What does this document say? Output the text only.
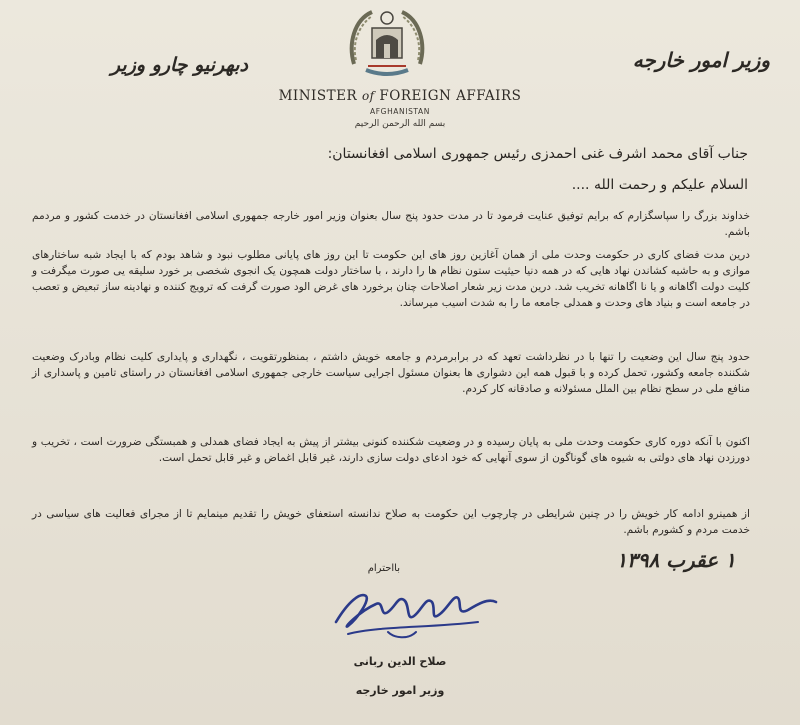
وزیر امور خارجه
دبهرنیو چارو وزیر
MINISTER of FOREIGN AFFAIRS
AFGHANISTAN
بسم الله الرحمن الرحیم
جناب آقای محمد اشرف غنی احمدزی رئیس جمهوری اسلامی افغانستان:
السلام علیکم و رحمت الله ....
خداوند بزرگ را سپاسگزارم که برایم توفیق عنایت فرمود تا در مدت حدود پنج سال بعنوان وزیر امور خارجه جمهوری اسلامی افغانستان در خدمت کشور و مردمم باشم.
درین مدت فضای کاری در حکومت وحدت ملی از همان آغازین روز های این حکومت تا این روز های پایانی مطلوب نبود و شاهد بودم که با ایجاد شبه ساختارهای موازی و به حاشیه کشاندن نهاد هایی که در همه دنیا حیثیت ستون نظام ها را دارند ، با ساختار دولت همچون یک انجوی شخصی بر خورد سلیقه یی صورت میگرفت و کلیت دولت اگاهانه و یا نا اگاهانه تخریب شد. درین مدت زیر شعار اصلاحات چنان برخورد های غرض الود صورت گرفت که ترویج کننده و نهادینه ساز تبعیض و تعصب در جامعه است و بنیاد های وحدت و همدلی جامعه ما را به شدت اسیب میرساند.
حدود پنج سال این وضعیت را تنها با در نظرداشت تعهد که در برابرمردم و جامعه خویش داشتم ، بمنظورتقویت ، نگهداری و پایداری کلیت نظام وبادرک وضعیت شکننده جامعه وکشور، تحمل کرده و با قبول همه این دشواری ها بعنوان مسئول اجرایی سیاست خارجی جمهوری اسلامی افغانستان در راستای تامین و پاسداری از منافع ملی در سطح نظام بین الملل مسئولانه و صادقانه کار کردم.
اکنون با آنکه دوره کاری حکومت وحدت ملی به پایان رسیده و در وضعیت شکننده کنونی بیشتر از پیش به ایجاد فضای همدلی و همبستگی ضرورت است ، تخریب و دورزدن نهاد های دولتی به شیوه های گوناگون از سوی آنهایی که خود ادعای دولت سازی دارند، غیر قابل اغماض و غیر قابل تحمل است.
از همینرو ادامه کار خویش را در چنین شرایطی در چارچوب این حکومت به صلاح ندانسته استعفای خویش را تقدیم مینمایم تا از مجرای فعالیت های سیاسی در خدمت مردم و کشورم باشم.
۱ عقرب ۱۳۹۸
بااحترام
صلاح الدین ربانی
وزیر امور خارجه
